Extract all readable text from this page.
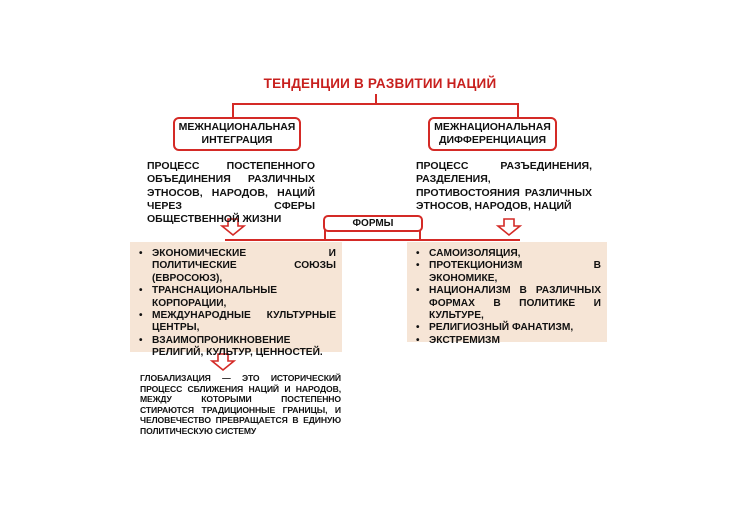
ТЕНДЕНЦИИ В РАЗВИТИИ НАЦИЙ
МЕЖНАЦИОНАЛЬНАЯ ИНТЕГРАЦИЯ
МЕЖНАЦИОНАЛЬНАЯ ДИФФЕРЕНЦИАЦИЯ
ПРОЦЕСС ПОСТЕПЕННОГО ОБЪЕДИНЕНИЯ РАЗЛИЧНЫХ ЭТНОСОВ, НАРОДОВ, НАЦИЙ ЧЕРЕЗ СФЕРЫ ОБЩЕСТВЕННОЙ ЖИЗНИ
ПРОЦЕСС РАЗЪЕДИНЕНИЯ, РАЗДЕЛЕНИЯ, ПРОТИВОСТОЯНИЯ РАЗЛИЧНЫХ ЭТНОСОВ, НАРОДОВ, НАЦИЙ
ФОРМЫ
• ЭКОНОМИЧЕСКИЕ И ПОЛИТИЧЕСКИЕ СОЮЗЫ (ЕВРОСОЮЗ),
• ТРАНСНАЦИОНАЛЬНЫЕ КОРПОРАЦИИ,
• МЕЖДУНАРОДНЫЕ КУЛЬТУРНЫЕ ЦЕНТРЫ,
• ВЗАИМОПРОНИКНОВЕНИЕ РЕЛИГИЙ, КУЛЬТУР, ЦЕННОСТЕЙ.
• САМОИЗОЛЯЦИЯ,
• ПРОТЕКЦИОНИЗМ В ЭКОНОМИКЕ,
• НАЦИОНАЛИЗМ В РАЗЛИЧНЫХ ФОРМАХ В ПОЛИТИКЕ И КУЛЬТУРЕ,
• РЕЛИГИОЗНЫЙ ФАНАТИЗМ,
• ЭКСТРЕМИЗМ
ГЛОБАЛИЗАЦИЯ — ЭТО ИСТОРИЧЕСКИЙ ПРОЦЕСС СБЛИЖЕНИЯ НАЦИЙ И НАРОДОВ, МЕЖДУ КОТОРЫМИ ПОСТЕПЕННО СТИРАЮТСЯ ТРАДИЦИОННЫЕ ГРАНИЦЫ, И ЧЕЛОВЕЧЕСТВО ПРЕВРАЩАЕТСЯ В ЕДИНУЮ ПОЛИТИЧЕСКУЮ СИСТЕМУ
